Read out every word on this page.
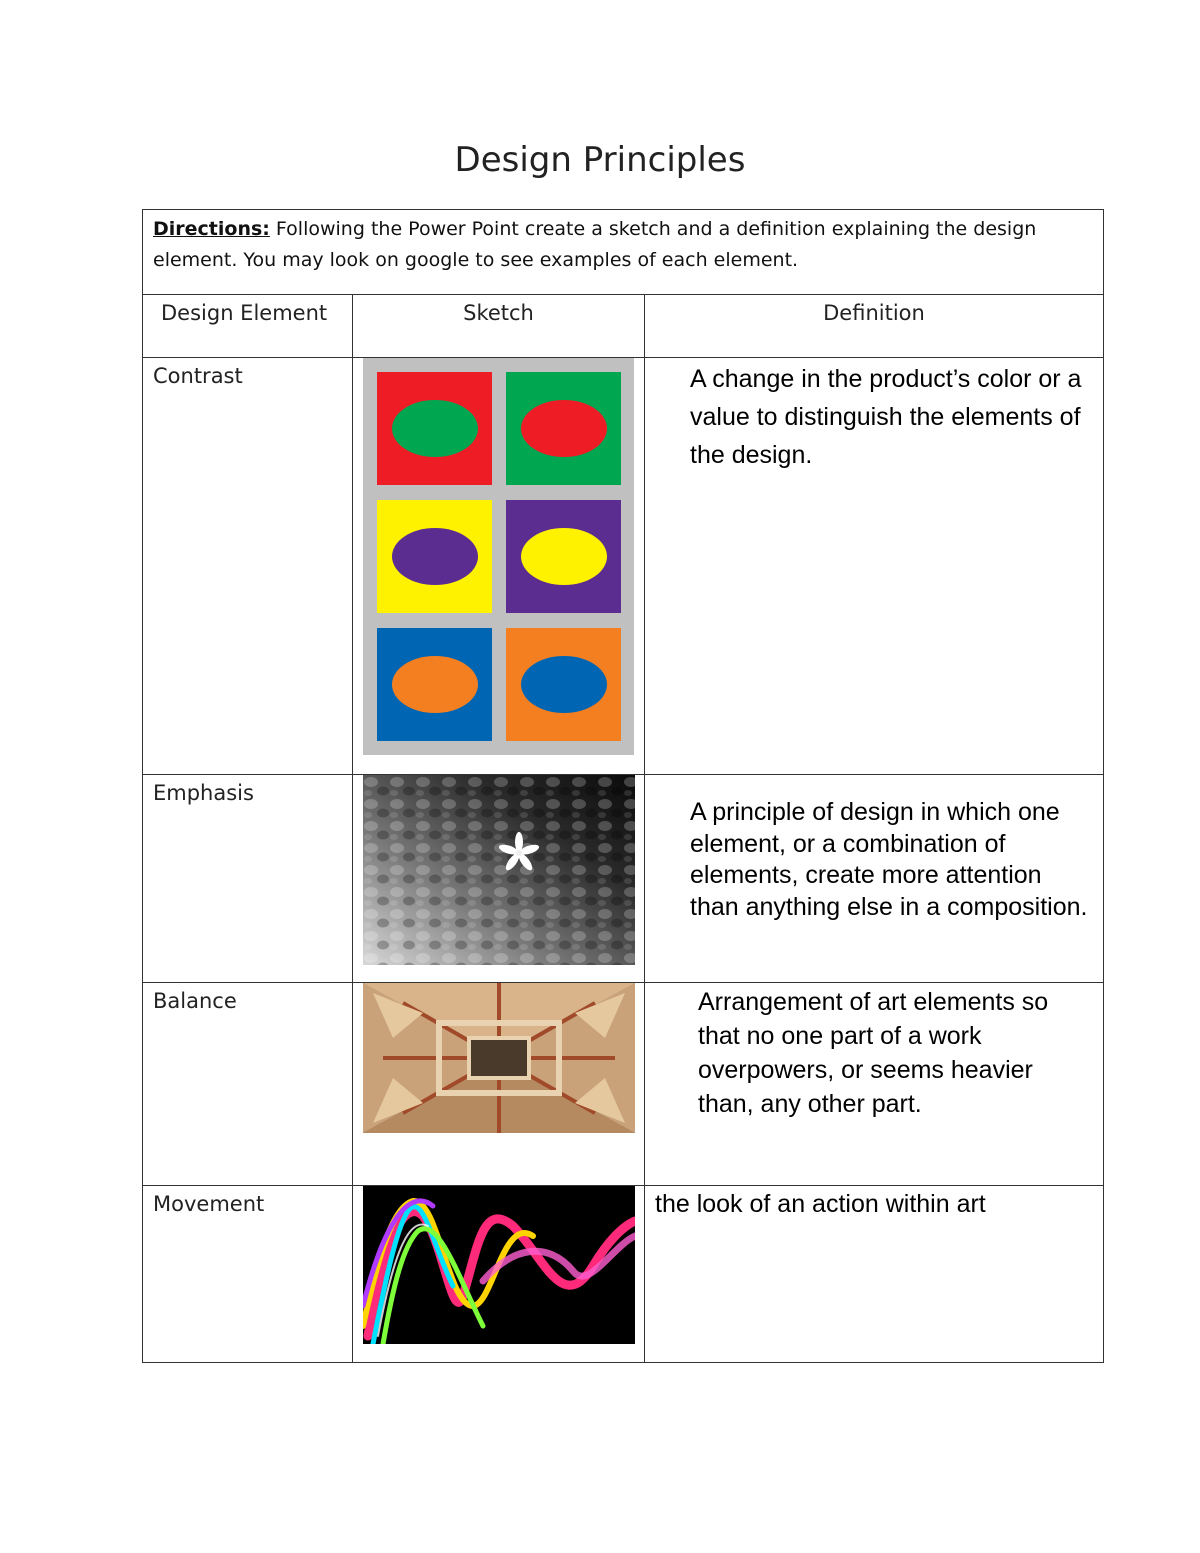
Design Principles
Directions: Following the Power Point create a sketch and a definition explaining the design element. You may look on google to see examples of each element.		
Design Element	Sketch	Definition
Contrast		A change in the product’s color or a value to distinguish the elements of the design.
Emphasis		A principle of design in which one element, or a combination of elements, create more attention than anything else in a composition.
Balance		Arrangement of art elements so that no one part of a work overpowers, or seems heavier than, any other part.
Movement		the look of an action within art
